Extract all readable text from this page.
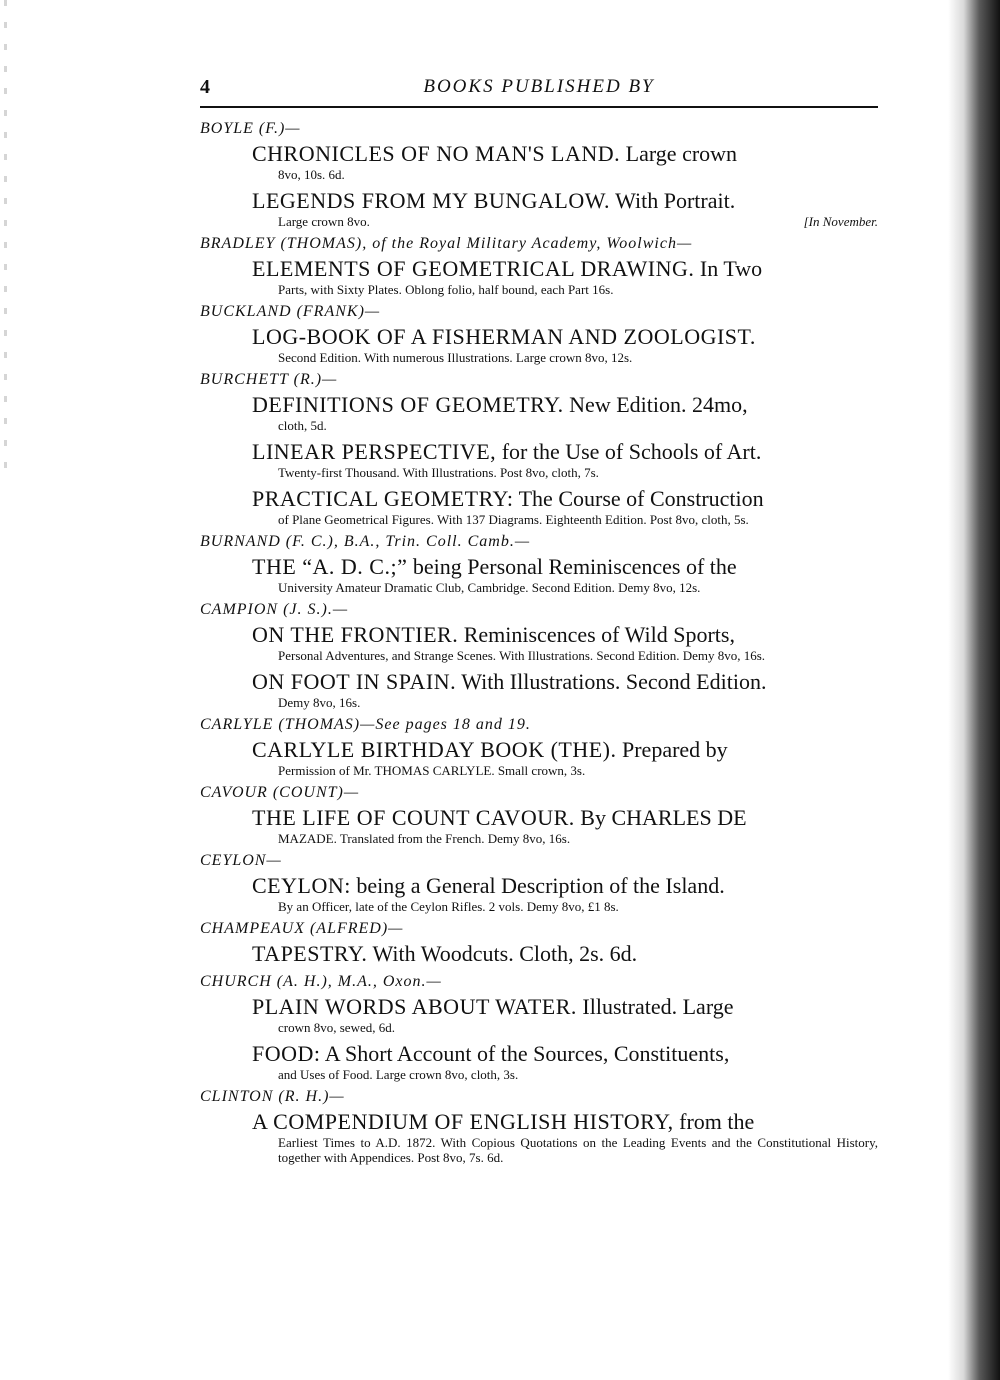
4	BOOKS PUBLISHED BY
BOYLE (F.)—
CHRONICLES OF NO MAN'S LAND. Large crown
8vo, 10s. 6d.
LEGENDS FROM MY BUNGALOW. With Portrait.
[In November.
Large crown 8vo.
BRADLEY (THOMAS), of the Royal Military Academy, Woolwich—
ELEMENTS OF GEOMETRICAL DRAWING. In Two
Parts, with Sixty Plates. Oblong folio, half bound, each Part 16s.
BUCKLAND (FRANK)—
LOG-BOOK OF A FISHERMAN AND ZOOLOGIST.
Second Edition. With numerous Illustrations. Large crown 8vo, 12s.
BURCHETT (R.)—
DEFINITIONS OF GEOMETRY. New Edition. 24mo,
cloth, 5d.
LINEAR PERSPECTIVE, for the Use of Schools of Art.
Twenty-first Thousand. With Illustrations. Post 8vo, cloth, 7s.
PRACTICAL GEOMETRY: The Course of Construction
of Plane Geometrical Figures. With 137 Diagrams. Eighteenth Edition. Post 8vo, cloth, 5s.
BURNAND (F. C.), B.A., Trin. Coll. Camb.—
THE “A. D. C.;” being Personal Reminiscences of the
University Amateur Dramatic Club, Cambridge. Second Edition. Demy 8vo, 12s.
CAMPION (J. S.).—
ON THE FRONTIER. Reminiscences of Wild Sports,
Personal Adventures, and Strange Scenes. With Illustrations. Second Edition. Demy 8vo, 16s.
ON FOOT IN SPAIN. With Illustrations. Second Edition.
Demy 8vo, 16s.
CARLYLE (THOMAS)—See pages 18 and 19.
CARLYLE BIRTHDAY BOOK (THE). Prepared by
Permission of Mr. THOMAS CARLYLE. Small crown, 3s.
CAVOUR (COUNT)—
THE LIFE OF COUNT CAVOUR. By CHARLES DE
MAZADE. Translated from the French. Demy 8vo, 16s.
CEYLON—
CEYLON: being a General Description of the Island.
By an Officer, late of the Ceylon Rifles. 2 vols. Demy 8vo, £1 8s.
CHAMPEAUX (ALFRED)—
TAPESTRY. With Woodcuts. Cloth, 2s. 6d.
CHURCH (A. H.), M.A., Oxon.—
PLAIN WORDS ABOUT WATER. Illustrated. Large
crown 8vo, sewed, 6d.
FOOD: A Short Account of the Sources, Constituents,
and Uses of Food. Large crown 8vo, cloth, 3s.
CLINTON (R. H.)—
A COMPENDIUM OF ENGLISH HISTORY, from the
Earliest Times to A.D. 1872. With Copious Quotations on the Leading Events and the Constitutional History, together with Appendices. Post 8vo, 7s. 6d.
